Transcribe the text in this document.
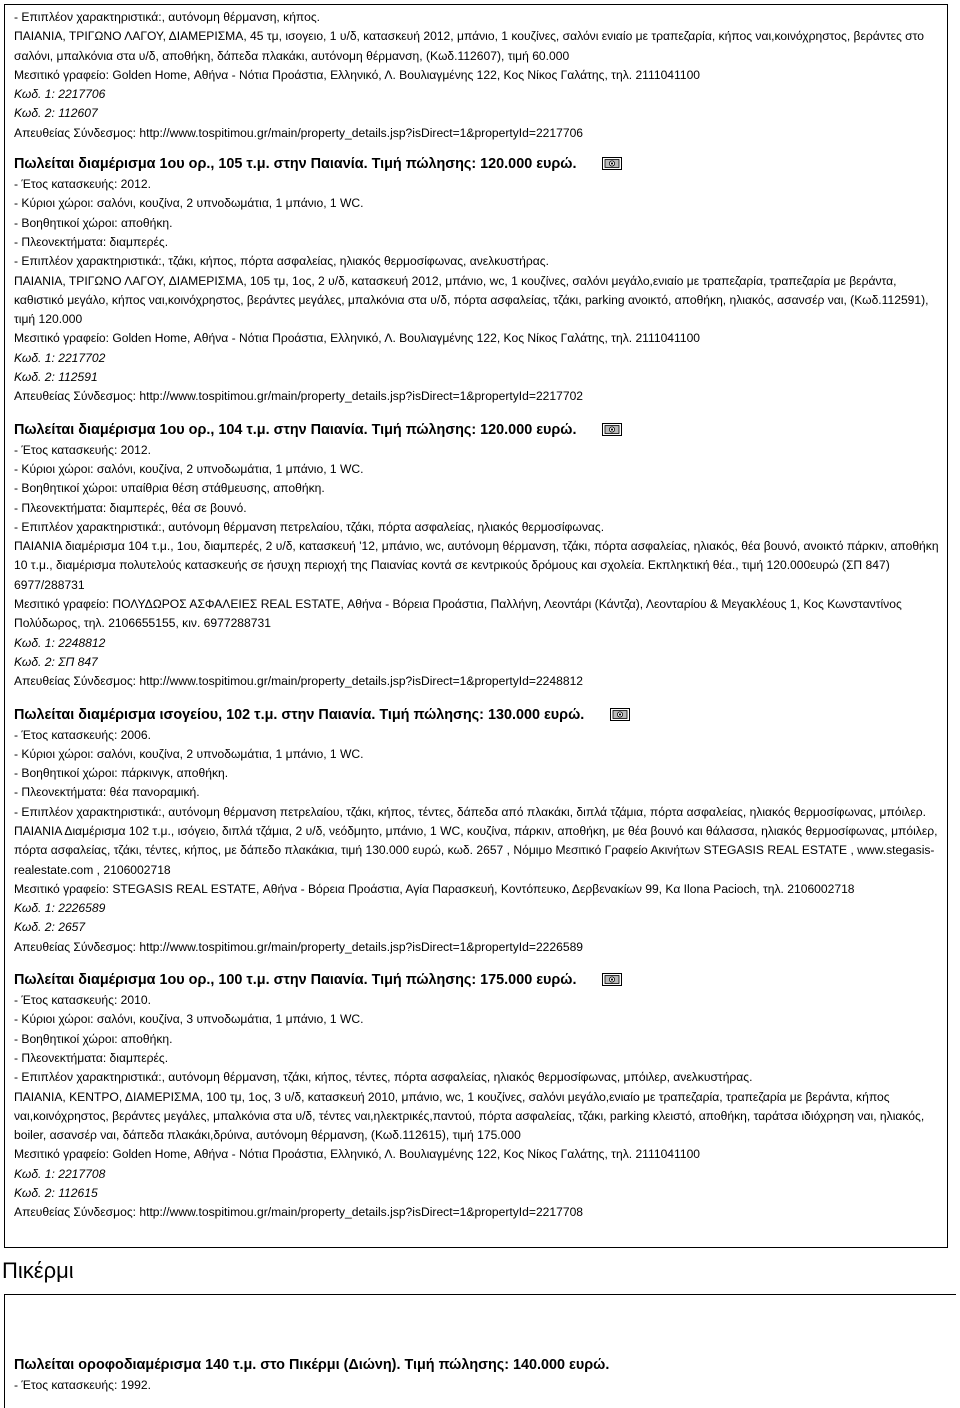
- Επιπλέον χαρακτηριστικά:, αυτόνομη θέρμανση, κήπος.
ΠΑΙΑΝΙΑ, ΤΡΙΓΩΝΟ ΛΑΓΟΥ, ΔΙΑΜΕΡΙΣΜΑ, 45 τμ, ισογειο, 1 υ/δ, κατασκευή 2012, μπάνιο, 1 κουζίνες, σαλόνι ενιαίο με τραπεζαρία, κήπος ναι,κοινόχρηστος, βεράντες στο σαλόνι, μπαλκόνια στα υ/δ, αποθήκη, δάπεδα πλακάκι, αυτόνομη θέρμανση, (Κωδ.112607), τιμή 60.000
Μεσιτικό γραφείο: Golden Home, Αθήνα - Νότια Προάστια, Ελληνικό, Λ. Βουλιαγμένης 122, Κος Νίκος Γαλάτης, τηλ. 2111041100
Κωδ. 1: 2217706
Κωδ. 2: 112607
Απευθείας Σύνδεσμος: http://www.tospitimou.gr/main/property_details.jsp?isDirect=1&propertyId=2217706
Πωλείται διαμέρισμα 1ου ορ., 105 τ.μ. στην Παιανία. Τιμή πώλησης: 120.000 ευρώ.
- Έτος κατασκευής: 2012.
- Κύριοι χώροι: σαλόνι, κουζίνα, 2 υπνοδωμάτια, 1 μπάνιο, 1 WC.
- Βοηθητικοί χώροι: αποθήκη.
- Πλεονεκτήματα: διαμπερές.
- Επιπλέον χαρακτηριστικά:, τζάκι, κήπος, πόρτα ασφαλείας, ηλιακός θερμοσίφωνας, ανελκυστήρας.
ΠΑΙΑΝΙΑ, ΤΡΙΓΩΝΟ ΛΑΓΟΥ, ΔΙΑΜΕΡΙΣΜΑ, 105 τμ, 1ος, 2 υ/δ, κατασκευή 2012, μπάνιο, wc, 1 κουζίνες, σαλόνι μεγάλο,ενιαίο με τραπεζαρία, τραπεζαρία με βεράντα, καθιστικό μεγάλο, κήπος ναι,κοινόχρηστος, βεράντες μεγάλες, μπαλκόνια στα υ/δ, πόρτα ασφαλείας, τζάκι, parking ανοικτό, αποθήκη, ηλιακός, ασανσέρ ναι, (Κωδ.112591), τιμή 120.000
Μεσιτικό γραφείο: Golden Home, Αθήνα - Νότια Προάστια, Ελληνικό, Λ. Βουλιαγμένης 122, Κος Νίκος Γαλάτης, τηλ. 2111041100
Κωδ. 1: 2217702
Κωδ. 2: 112591
Απευθείας Σύνδεσμος: http://www.tospitimou.gr/main/property_details.jsp?isDirect=1&propertyId=2217702
Πωλείται διαμέρισμα 1ου ορ., 104 τ.μ. στην Παιανία. Τιμή πώλησης: 120.000 ευρώ.
- Έτος κατασκευής: 2012.
- Κύριοι χώροι: σαλόνι, κουζίνα, 2 υπνοδωμάτια, 1 μπάνιο, 1 WC.
- Βοηθητικοί χώροι: υπαίθρια θέση στάθμευσης, αποθήκη.
- Πλεονεκτήματα: διαμπερές, θέα σε βουνό.
- Επιπλέον χαρακτηριστικά:, αυτόνομη θέρμανση πετρελαίου, τζάκι, πόρτα ασφαλείας, ηλιακός θερμοσίφωνας.
ΠΑΙΑΝΙΑ διαμέρισμα 104 τ.μ., 1ου, διαμπερές, 2 υ/δ, κατασκευή '12, μπάνιο, wc, αυτόνομη θέρμανση, τζάκι, πόρτα ασφαλείας, ηλιακός, θέα βουνό, ανοικτό πάρκιν, αποθήκη 10 τ.μ., διαμέρισμα πολυτελούς κατασκευής σε ήσυχη περιοχή της Παιανίας κοντά σε κεντρικούς δρόμους και σχολεία. Εκπληκτική θέα., τιμή 120.000ευρώ (ΣΠ 847) 6977/288731
Μεσιτικό γραφείο: ΠΟΛΥΔΩΡΟΣ ΑΣΦΑΛΕΙΕΣ REAL ESTATE, Αθήνα - Βόρεια Προάστια, Παλλήνη, Λεοντάρι (Κάντζα), Λεονταρίου & Μεγακλέους 1, Κος Κωνσταντίνος Πολύδωρος, τηλ. 2106655155, κιν. 6977288731
Κωδ. 1: 2248812
Κωδ. 2: ΣΠ 847
Απευθείας Σύνδεσμος: http://www.tospitimou.gr/main/property_details.jsp?isDirect=1&propertyId=2248812
Πωλείται διαμέρισμα ισογείου, 102 τ.μ. στην Παιανία. Τιμή πώλησης: 130.000 ευρώ.
- Έτος κατασκευής: 2006.
- Κύριοι χώροι: σαλόνι, κουζίνα, 2 υπνοδωμάτια, 1 μπάνιο, 1 WC.
- Βοηθητικοί χώροι: πάρκινγκ, αποθήκη.
- Πλεονεκτήματα: θέα πανοραμική.
- Επιπλέον χαρακτηριστικά:, αυτόνομη θέρμανση πετρελαίου, τζάκι, κήπος, τέντες, δάπεδα από πλακάκι, διπλά τζάμια, πόρτα ασφαλείας, ηλιακός θερμοσίφωνας, μπόιλερ.
ΠΑΙΑΝΙΑ Διαμέρισμα 102 τ.μ., ισόγειο, διπλά τζάμια, 2 υ/δ, νεόδμητο, μπάνιο, 1 WC, κουζίνα, πάρκιν, αποθήκη, με θέα βουνό και θάλασσα, ηλιακός θερμοσίφωνας, μπόιλερ, πόρτα ασφαλείας, τζάκι, τέντες, κήπος, με δάπεδο πλακάκια, τιμή 130.000 ευρώ, κωδ. 2657 , Νόμιμο Μεσιτικό Γραφείο Ακινήτων STEGASIS REAL ESTATE , www.stegasis-realestate.com , 2106002718
Μεσιτικό γραφείο: STEGASIS REAL ESTATE, Αθήνα - Βόρεια Προάστια, Αγία Παρασκευή, Κοντόπευκο, Δερβενακίων 99, Κα Ilona Pacioch, τηλ. 2106002718
Κωδ. 1: 2226589
Κωδ. 2: 2657
Απευθείας Σύνδεσμος: http://www.tospitimou.gr/main/property_details.jsp?isDirect=1&propertyId=2226589
Πωλείται διαμέρισμα 1ου ορ., 100 τ.μ. στην Παιανία. Τιμή πώλησης: 175.000 ευρώ.
- Έτος κατασκευής: 2010.
- Κύριοι χώροι: σαλόνι, κουζίνα, 3 υπνοδωμάτια, 1 μπάνιο, 1 WC.
- Βοηθητικοί χώροι: αποθήκη.
- Πλεονεκτήματα: διαμπερές.
- Επιπλέον χαρακτηριστικά:, αυτόνομη θέρμανση, τζάκι, κήπος, τέντες, πόρτα ασφαλείας, ηλιακός θερμοσίφωνας, μπόιλερ, ανελκυστήρας.
ΠΑΙΑΝΙΑ, ΚΕΝΤΡΟ, ΔΙΑΜΕΡΙΣΜΑ, 100 τμ, 1ος, 3 υ/δ, κατασκευή 2010, μπάνιο, wc, 1 κουζίνες, σαλόνι μεγάλο,ενιαίο με τραπεζαρία, τραπεζαρία με βεράντα, κήπος ναι,κοινόχρηστος, βεράντες μεγάλες, μπαλκόνια στα υ/δ, τέντες ναι,ηλεκτρικές,παντού, πόρτα ασφαλείας, τζάκι, parking κλειστό, αποθήκη, ταράτσα ιδιόχρηση ναι, ηλιακός, boiler, ασανσέρ ναι, δάπεδα πλακάκι,δρύινα, αυτόνομη θέρμανση, (Κωδ.112615), τιμή 175.000
Μεσιτικό γραφείο: Golden Home, Αθήνα - Νότια Προάστια, Ελληνικό, Λ. Βουλιαγμένης 122, Κος Νίκος Γαλάτης, τηλ. 2111041100
Κωδ. 1: 2217708
Κωδ. 2: 112615
Απευθείας Σύνδεσμος: http://www.tospitimou.gr/main/property_details.jsp?isDirect=1&propertyId=2217708
Πικέρμι
Πωλείται οροφοδιαμέρισμα 140 τ.μ. στο Πικέρμι (Διώνη). Τιμή πώλησης: 140.000 ευρώ.
- Έτος κατασκευής: 1992.
